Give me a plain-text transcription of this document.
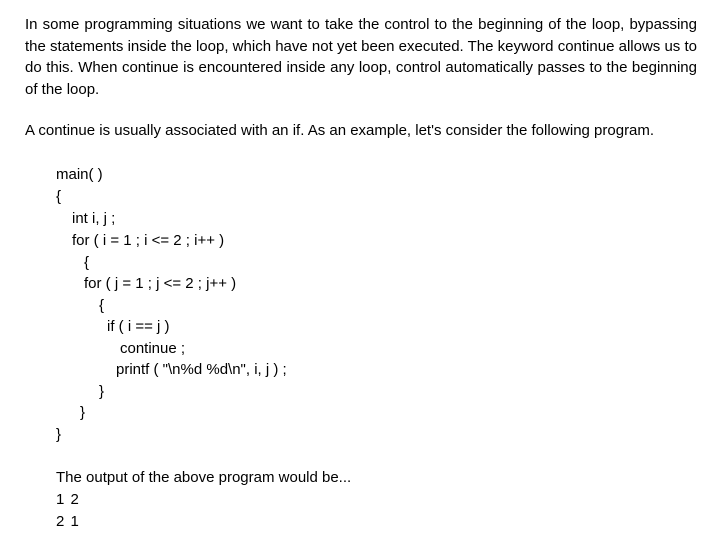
In some programming situations we want to take the control to the beginning of the loop, bypassing the statements inside the loop, which have not yet been executed. The keyword continue allows us to do this. When continue is encountered inside any loop, control automatically passes to the beginning of the loop.

A continue is usually associated with an if. As an example, let's consider the following program.

main( )
{
int i, j ;
for ( i = 1 ; i <= 2 ; i++ )
{
for ( j = 1 ; j <= 2 ; j++ )
{
if ( i == j )
continue ;
printf ( "\n%d %d\n", i, j ) ;
}
}
}
The output of the above program would be...
1 2
2 1
